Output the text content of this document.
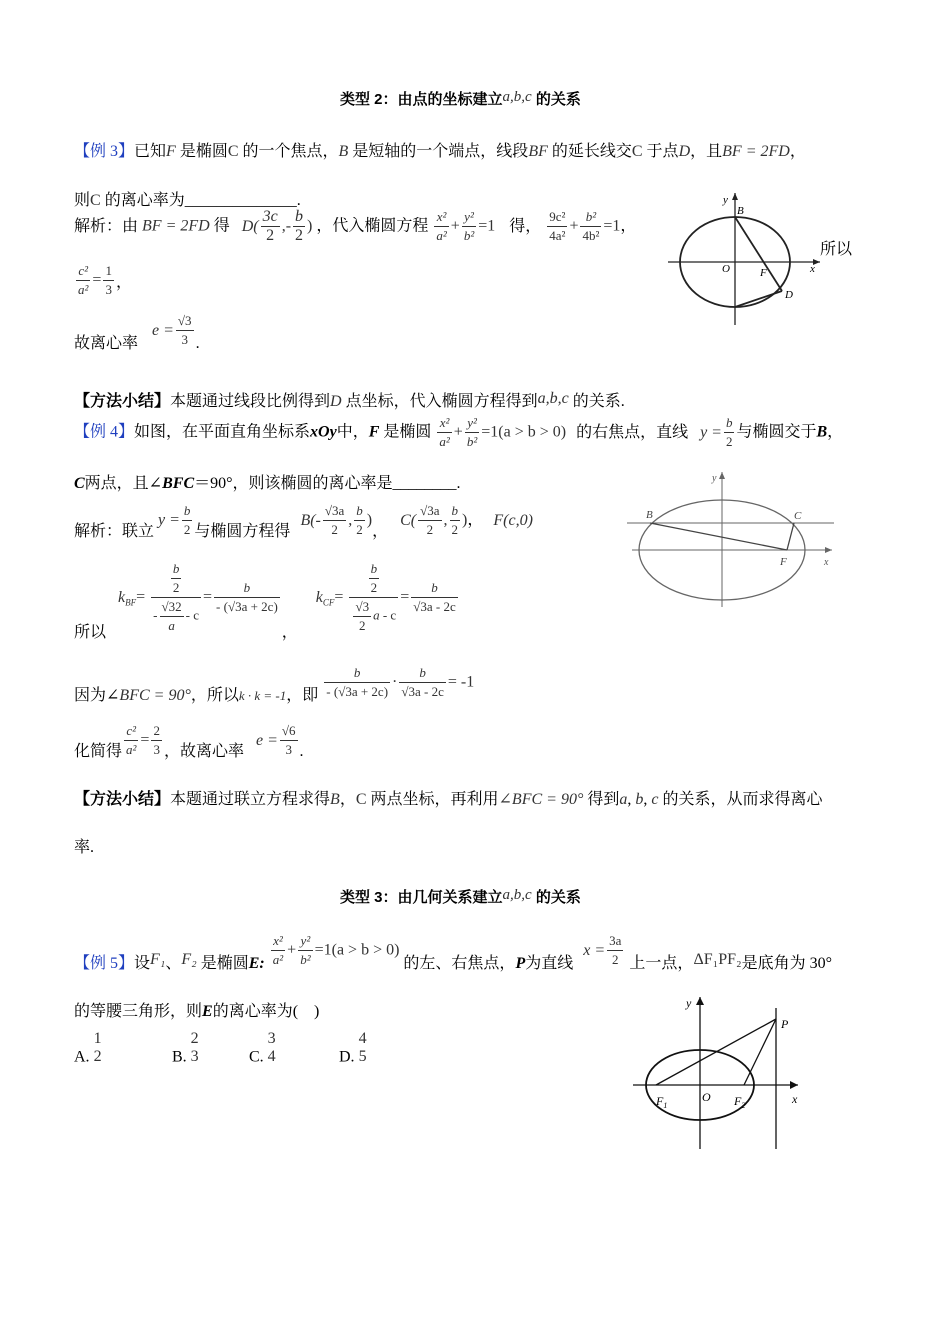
类型 2：由点的坐标建立a,b,c 的关系
【例 3】已知F 是椭圆C 的一个焦点，B 是短轴的一个端点，线段BF 的延长线交C 于点D，且BF = 2FD，
则C 的离心率为______________.
解析：由 BF = 2FD 得 $D( \frac{3c}{2}$ ,- $\frac{b}{2}$ ) ，代入椭圆方程 $\frac{\text{x²}}{\text{a²}} + \frac{\text{y²}}{\text{b²}} =1$ 得， $\frac{\text{9c²}}{\text{4a²}} + \frac{\text{b²}}{\text{4b²}} =1$，
所以
$\frac{\text{c²}}{\text{a²}} = \frac{1}{3}$ ，
故离心率 $e = \frac{√3}{3}$ .
y
B
O	F
D
x
【方法小结】本题通过线段比例得到D 点坐标，代入椭圆方程得到a,b,c 的关系.
【例 4】如图，在平面直角坐标系xOy中，F 是椭圆 $\frac{\text{x²}}{\text{a²}} + \frac{\text{y²}}{\text{b²}} =1(a > b > 0)$ 的右焦点，直线 $y = \frac{b}{2}$ 与椭圆交于B，
C两点，且∠BFC＝90°，则该椭圆的离心率是________.
解析：联立 $y = \frac{b}{2}$ 与椭圆方程得 $B(- \frac{√3a}{2}$ , $\frac{b}{2}$ )， $C( \frac{√3a}{2}$ , $\frac{b}{2}$ )， F(c,0)
所以 $k_{BF}= \frac{\frac{b}{2}}{- \frac{√32}{a} - c} = \frac{b}{- (√3a + 2c)}$
， $k_{CF}= \frac{\frac{b}{2}}{\frac{√3}{2} a - c} = \frac{b}{√3a - 2c}$
因为∠BFC = 90°，所以$_{k \cdot k = -1}$，即 $\frac{b}{- (√3a + 2c)} \cdot \frac{b}{√3a - 2c} = -1$
化简得 $\frac{\text{c²}}{\text{a²}} = \frac{2}{3}$ ，故离心率 $e = \frac{√6}{3}$ .
y
B	C
F	x
【方法小结】本题通过联立方程求得B，C 两点坐标，再利用∠BFC = 90° 得到a, b, c 的关系，从而求得离心
率.
类型 3：由几何关系建立a,b,c 的关系
【例 5】设F₁、F₂ 是椭圆E: $\frac{\text{x²}}{\text{a²}} + \frac{\text{y²}}{\text{b²}} =1(a > b > 0)$ 的左、右焦点，P为直线 $x = \frac{3a}{2}$ 上一点，ΔF₁PF₂是底角为 30°
的等腰三角形，则E的离心率为(　)
A.
1
2	B.
2
3	C.
3
4	D.
4
5
y
P
$F_1$
O $F_2$	x
